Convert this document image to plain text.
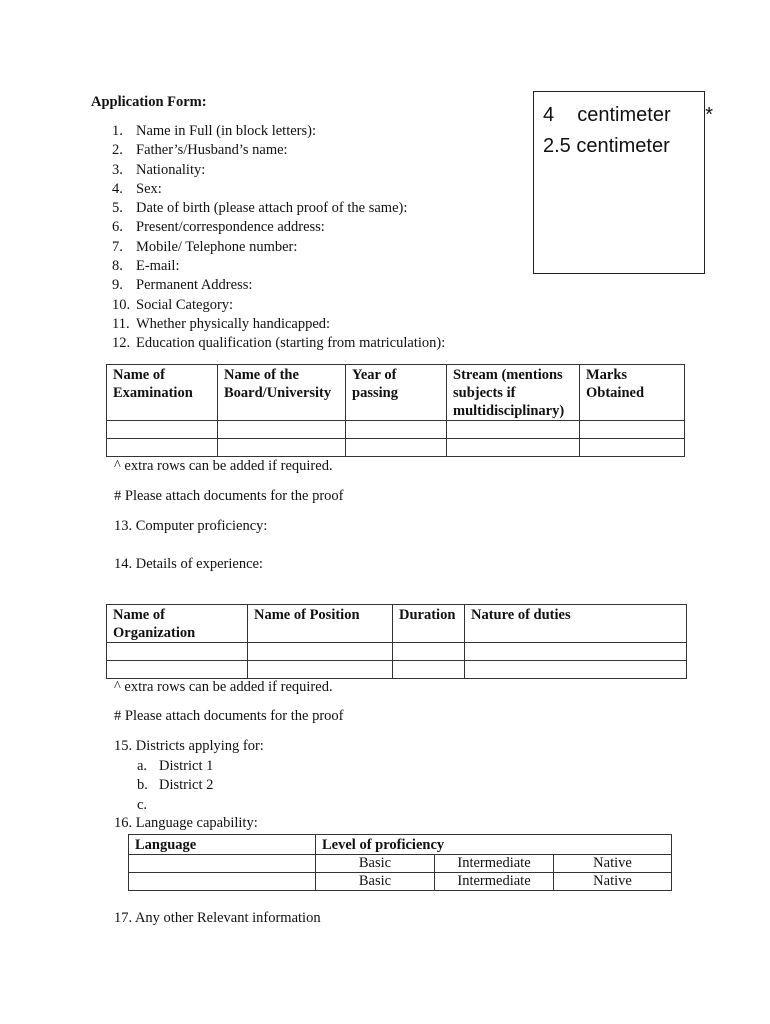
Application Form:
4  centimeter   *
2.5 centimeter
1. Name in Full (in block letters):
2. Father’s/Husband’s name:
3. Nationality:
4. Sex:
5. Date of birth (please attach proof of the same):
6. Present/correspondence address:
7. Mobile/ Telephone number:
8. E-mail:
9. Permanent Address:
10. Social Category:
11. Whether physically handicapped:
12. Education qualification (starting from matriculation):
Name of Examination	Name of the Board/University	Year of passing	Stream (mentions subjects if multidisciplinary)	Marks Obtained

^ extra rows can be added if required.
# Please attach documents for the proof
13. Computer proficiency:
14. Details of experience:
Name of Organization	Name of Position	Duration	Nature of duties

^ extra rows can be added if required.
# Please attach documents for the proof
15. Districts applying for:
a. District 1
b. District 2
c.
16. Language capability:
Language	Level of proficiency		
	Basic	Intermediate	Native
	Basic	Intermediate	Native
17. Any other Relevant information
